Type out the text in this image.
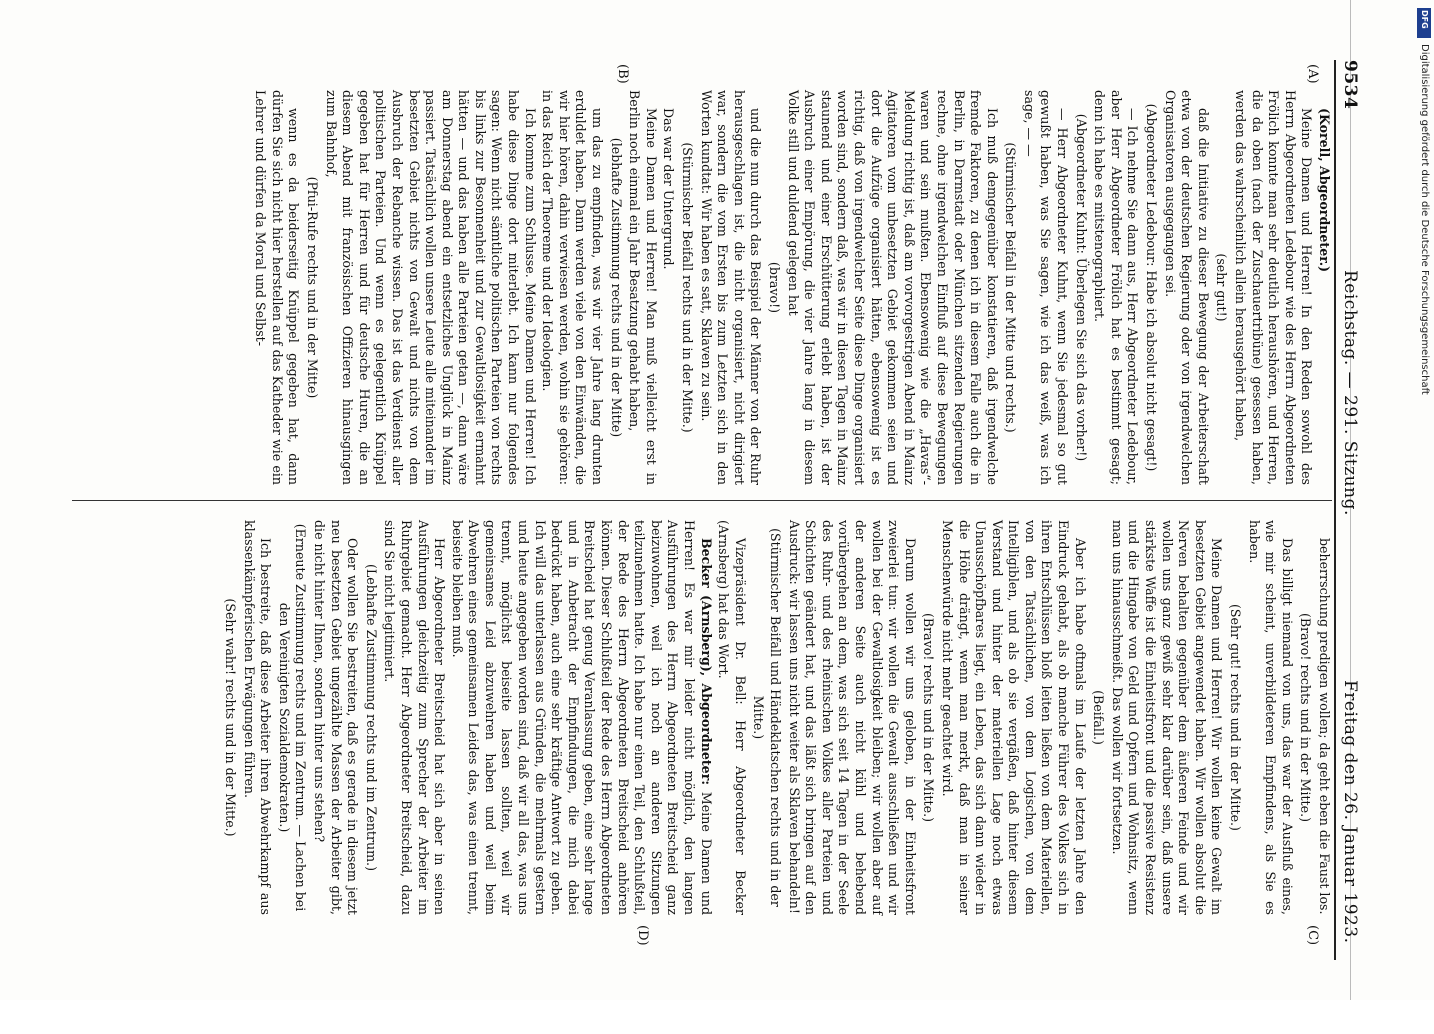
9534
Reichstag. — 291. Sitzung.
Freitag den 26. Januar 1923.
(A)
(B)
(C)
(D)

(Korell, Abgeordneter.)

Meine Damen und Herren! In den Reden sowohl des Herrn Abgeordneten Ledebour wie des Herrn Abgeordneten Frölich konnte man sehr deutlich heraushören, und Herren, die da oben (nach der Zuschauertribüne) gesessen haben, werden das wahrscheinlich allein herausgehört haben,

(sehr gut!)

daß die Initiative zu dieser Bewegung der Arbeiterschaft etwa von der deutschen Regierung oder von irgendwelchen Organisatoren ausgegangen sei.

(Abgeordneter Ledebour: Habe ich absolut nicht gesagt!)

— Ich nehme Sie dann aus, Herr Abgeordneter Ledebour, aber Herr Abgeordneter Frölich hat es bestimmt gesagt; denn ich habe es mitstenographiert.

(Abgeordneter Kuhnt: Überlegen Sie sich das vorher!)

— Herr Abgeordneter Kuhnt, wenn Sie jedesmal so gut gewußt haben, was Sie sagen, wie ich das weiß, was ich sage, — —

(Stürmischer Beifall in der Mitte und rechts.)

Ich muß demgegenüber konstatieren, daß irgendwelche fremde Faktoren, zu denen ich in diesem Falle auch die in Berlin, in Darmstadt oder München sitzenden Regierungen rechne, ohne irgendwelchen Einfluß auf diese Bewegungen waren und sein mußten. Ebensowenig wie die „Havas“-Meldung richtig ist, daß am vorvorgestrigen Abend in Mainz Agitatoren vom unbesetzten Gebiet gekommen seien und dort die Aufzüge organisiert hätten, ebensowenig ist es richtig, daß von irgendwelcher Seite diese Dinge organisiert worden sind, sondern daß, was wir in diesen Tagen in Mainz staunend und einer Erschütterung erlebt haben, ist der Ausbruch einer Empörung, die vier Jahre lang in diesem Volke still und duldend gelegen hat

(bravo!)

und die nun durch das Beispiel der Männer von der Ruhr herausgeschlagen ist, die nicht organisiert, nicht dirigiert war, sondern die vom Ersten bis zum Letzten sich in den Worten kundtat: Wir haben es satt, Sklaven zu sein.

(Stürmischer Beifall rechts und in der Mitte.)

Das war der Untergrund.

Meine Damen und Herren! Man muß vielleicht erst in Berlin noch einmal ein Jahr Besatzung gehabt haben,

(lebhafte Zustimmung rechts und in der Mitte)

um das zu empfinden, was wir vier Jahre lang drunten erduldet haben. Dann werden viele von den Einwänden, die wir hier hören, dahin verwiesen werden, wohin sie gehören: in das Reich der Theoreme und der Ideologien.

Ich komme zum Schlusse. Meine Damen und Herren! Ich habe diese Dinge dort miterlebt. Ich kann nur folgendes sagen: Wenn nicht sämtliche politischen Parteien von rechts bis links zur Besonnenheit und zur Gewaltlosigkeit ermahnt hätten — und das haben alle Parteien getan —, dann wäre am Donnerstag abend ein entsetzliches Unglück in Mainz passiert. Tatsächlich wollen unsere Leute alle miteinander im besetzten Gebiet nichts von Gewalt und nichts von dem Ausbruch der Rebanche wissen. Das ist das Verdienst aller politischen Parteien. Und wenn es gelegentlich Knüppel gegeben hat für Herren und für deutsche Huren, die an diesem Abend mit französischen Offizieren hinausgingen zum Bahnhof,

(Pfui-Rufe rechts und in der Mitte)

wenn es da beiderseitig Knüppel gegeben hat, dann dürfen Sie sich nicht hier herstellen auf das Katheder wie ein Lehrer und dürfen da Moral und Selbst-

beherrschung predigen wollen; da geht eben die Faust los.

(Bravo! rechts und in der Mitte.)

Das billigt niemand von uns, das war der Ausfluß eines, wie mir scheint, unverbildeteren Empfindens, als Sie es haben.

(Sehr gut! rechts und in der Mitte.)

Meine Damen und Herren! Wir wollen keine Gewalt im besetzten Gebiet angewendet haben. Wir wollen absolut die Nerven behalten gegenüber dem äußeren Feinde und wir wollen uns ganz gewiß sehr klar darüber sein, daß unsere stärkste Waffe ist die Einheitsfront und die passive Resistenz und die Hingabe von Geld und Opfern und Wohnsitz, wenn man uns hinausschmeißt. Das wollen wir fortsetzen.

(Beifall.)

Aber ich habe oftmals im Laufe der letzten Jahre den Eindruck gehabt, als ob manche Führer des Volkes sich in ihren Entschlüssen bloß leiten ließen von dem Materiellen, von den Tatsächlichen, von dem Logischen, von dem Intelligiblen, und als ob sie vergäßen, daß hinter diesem Verstand und hinter der materiellen Lage noch etwas Unausschöpfbares liegt, ein Leben, das sich dann wieder in die Höhe drängt, wenn man merkt, daß man in seiner Menschenwürde nicht mehr geachtet wird.

(Bravo! rechts und in der Mitte.)

Darum wollen wir uns geloben, in der Einheitsfront zweierlei tun: wir wollen die Gewalt ausschließen und wir wollen bei der Gewaltlosigkeit bleiben; wir wollen aber auf der anderen Seite auch nicht kühl und behebend vorübergehen an dem, was sich seit 14 Tagen in der Seele des Ruhr- und des rheinischen Volkes aller Parteien und Schichten geändert hat, und das läßt sich bringen auf den Ausdruck: wir lassen uns nicht weiter als Sklaven behandeln!

(Stürmischer Beifall und Händeklatschen rechts und in der Mitte.)

Vizepräsident Dr. Bell: Herr Abgeordneter Becker (Arnsberg) hat das Wort.

Becker (Arnsberg), Abgeordneter: Meine Damen und Herren! Es war mir leider nicht möglich, den langen Ausführungen des Herrn Abgeordneten Breitscheid ganz beizuwohnen, weil ich noch an anderen Sitzungen teilzunehmen hatte. Ich habe nur einen Teil, den Schlußteil, der Rede des Herrn Abgeordneten Breitscheid anhören können. Dieser Schlußteil der Rede des Herrn Abgeordneten Breitscheid hat genug Veranlassung geben, eine sehr lange und in Anbetracht der Empfindungen, die mich dabei bedrückt haben, auch eine sehr kräftige Antwort zu geben. Ich will das unterlassen aus Gründen, die mehrmals gestern und heute angegeben worden sind, daß wir all das, was uns trennt, möglichst beiseite lassen sollten, weil wir gemeinsames Leid abzuwehren haben und weil beim Abwehren eines gemeinsamen Leides das, was einen trennt, beiseite bleiben muß.

Herr Abgeordneter Breitscheid hat sich aber in seinen Ausführungen gleichzeitig zum Sprecher der Arbeiter im Ruhrgebiet gemacht. Herr Abgeordneter Breitscheid, dazu sind Sie nicht legitimiert.

(Lebhafte Zustimmung rechts und im Zentrum.)

Oder wollen Sie bestreiten, daß es gerade in diesem jetzt neu besetzten Gebiet ungezählte Massen der Arbeiter gibt, die nicht hinter Ihnen, sondern hinter uns stehen?

(Erneute Zustimmung rechts und im Zentrum. — Lachen bei den Vereinigten Sozialdemokraten.)

Ich bestreite, daß diese Arbeiter ihren Abwehrkampf aus klassenkämpferischen Erwägungen führen.

(Sehr wahr! rechts und in der Mitte.)

DFG
Digitalisierung gefördert durch die Deutsche Forschungsgemeinschaft
